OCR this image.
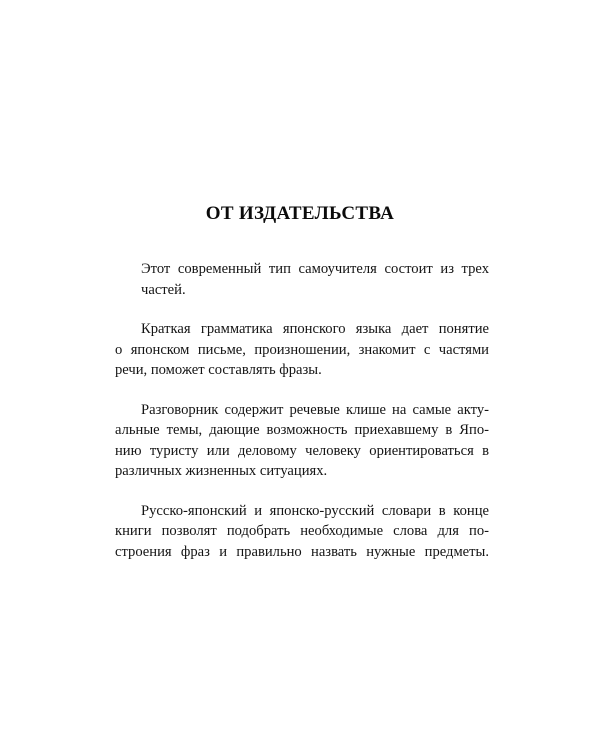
ОТ ИЗДАТЕЛЬСТВА

Этот современный тип самоучителя состоит из трех
частей.

Краткая грамматика японского языка дает понятие
о японском письме, произношении, знакомит с частями
речи, поможет составлять фразы.

Разговорник содержит речевые клише на самые акту-
альные темы, дающие возможность приехавшему в Япо-
нию туристу или деловому человеку ориентироваться в
различных жизненных ситуациях.

Русско-японский и японско-русский словари в конце
книги позволят подобрать необходимые слова для по-
строения фраз и правильно назвать нужные предметы.
